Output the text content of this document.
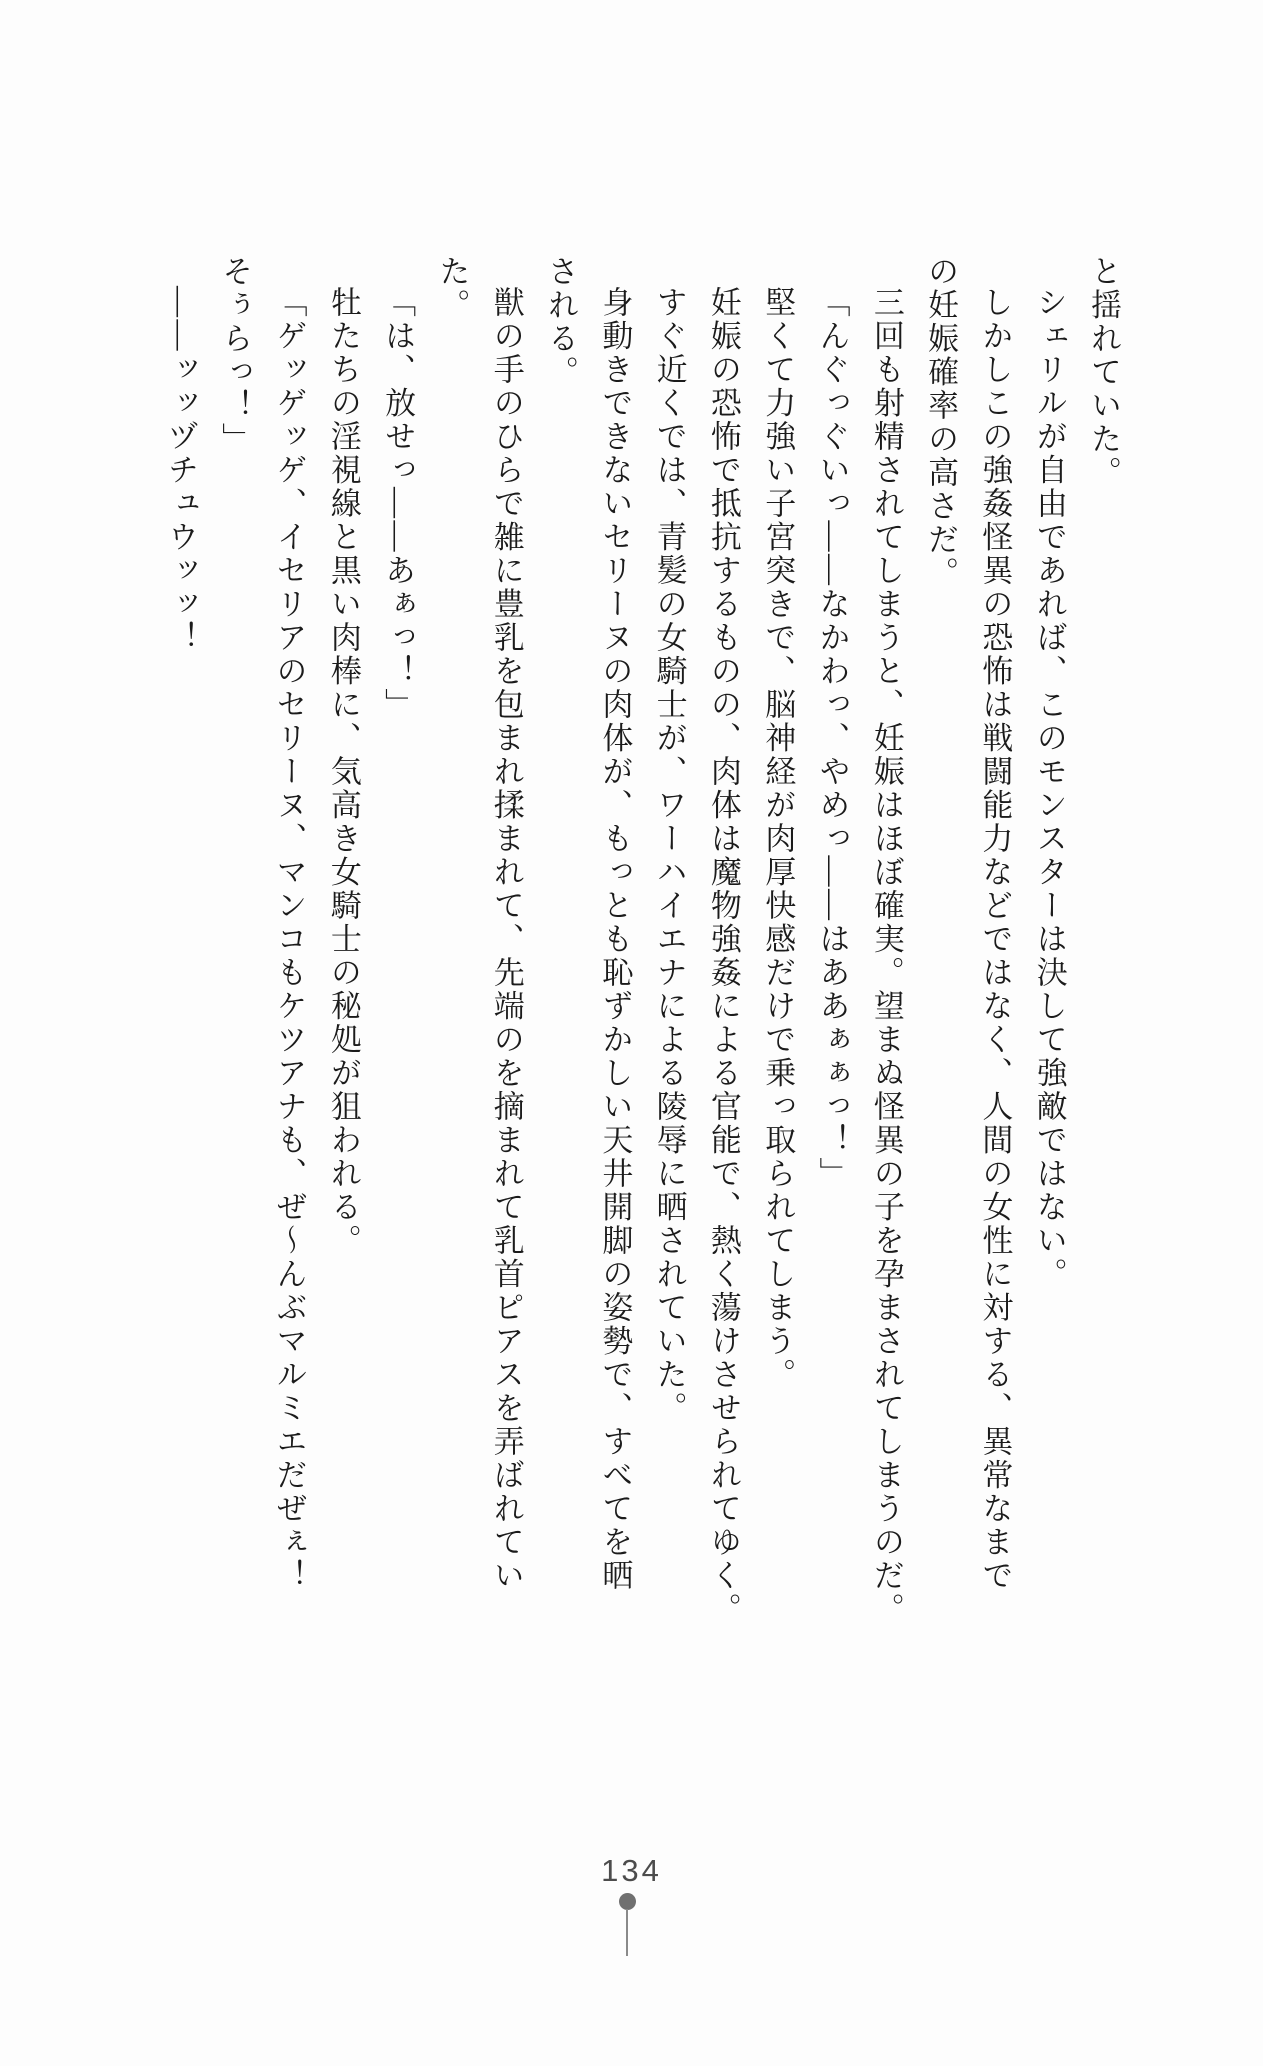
と揺れていた。

シェリルが自由であれば、このモンスターは決して強敵ではない。

しかしこの強姦怪異の恐怖は戦闘能力などではなく、人間の女性に対する、異常なまで

の妊娠確率の高さだ。

三回も射精されてしまうと、妊娠はほぼ確実。望まぬ怪異の子を孕まされてしまうのだ。

「んぐっぐいっ――なかわっ、やめっ――はああぁぁっ！」

堅くて力強い子宮突きで、脳神経が肉厚快感だけで乗っ取られてしまう。

妊娠の恐怖で抵抗するものの、肉体は魔物強姦による官能で、熱く蕩けさせられてゆく。

すぐ近くでは、青髪の女騎士が、ワーハイエナによる陵辱に晒されていた。

身動きできないセリーヌの肉体が、もっとも恥ずかしい天井開脚の姿勢で、すべてを晒

される。

獣の手のひらで雑に豊乳を包まれ揉まれて、先端のを摘まれて乳首ピアスを弄ばれてい

た。

「は、放せっ――あぁっ！」

牡たちの淫視線と黒い肉棒に、気高き女騎士の秘処が狙われる。

「ゲッゲッゲ、イセリアのセリーヌ、マンコもケツアナも、ぜ～んぶマルミエだぜぇ！

そぅらっ！」

――ッッヅチュウッッ！

134
